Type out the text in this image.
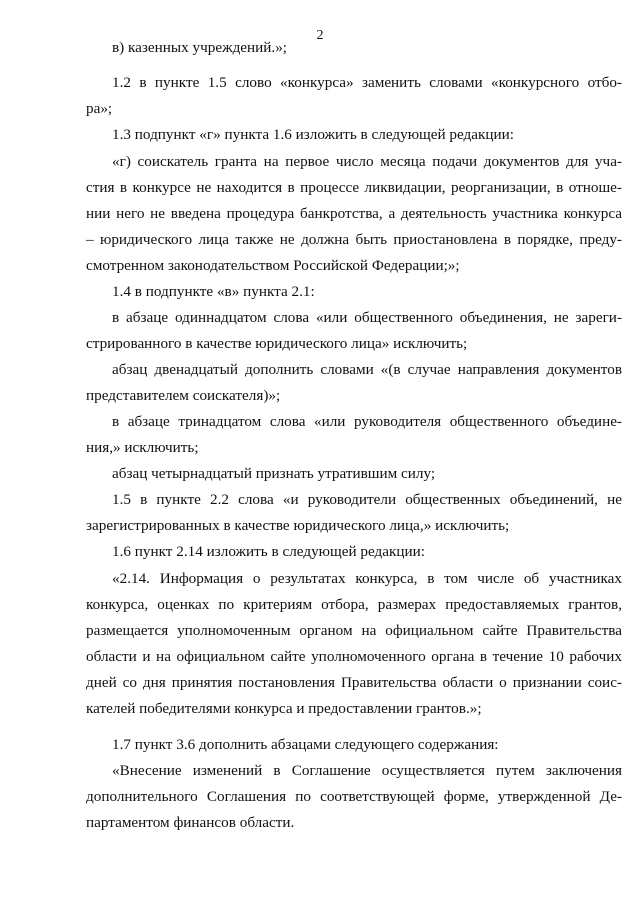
2

в) казенных учреждений.»;

1.2 в пункте 1.5 слово «конкурса» заменить словами «конкурсного отбо-

ра»;

1.3 подпункт «г» пункта 1.6 изложить в следующей редакции:

«г) соискатель гранта на первое число месяца подачи документов для уча-

стия в конкурсе не находится в процессе ликвидации, реорганизации, в отноше-

нии него не введена процедура банкротства, а деятельность участника конкурса

– юридического лица также не должна быть приостановлена в порядке, преду-

смотренном законодательством Российской Федерации;»;

1.4 в подпункте «в» пункта 2.1:

в абзаце одиннадцатом слова «или общественного объединения, не зареги-

стрированного в качестве юридического лица» исключить;

абзац двенадцатый дополнить словами «(в случае направления документов

представителем соискателя)»;

в абзаце тринадцатом слова «или руководителя общественного объедине-

ния,» исключить;

абзац четырнадцатый признать утратившим силу;

1.5 в пункте 2.2 слова «и руководители общественных объединений, не

зарегистрированных в качестве юридического лица,» исключить;

1.6 пункт 2.14 изложить в следующей редакции:

«2.14. Информация о результатах конкурса, в том числе об участниках

конкурса, оценках по критериям отбора, размерах предоставляемых грантов,

размещается уполномоченным органом на официальном сайте Правительства

области и на официальном сайте уполномоченного органа в течение 10 рабочих

дней со дня принятия постановления Правительства области о признании соис-

кателей победителями конкурса и предоставлении грантов.»;

1.7 пункт 3.6 дополнить абзацами следующего содержания:

«Внесение изменений в Соглашение осуществляется путем заключения

дополнительного Соглашения по соответствующей форме, утвержденной Де-

партаментом финансов области.
